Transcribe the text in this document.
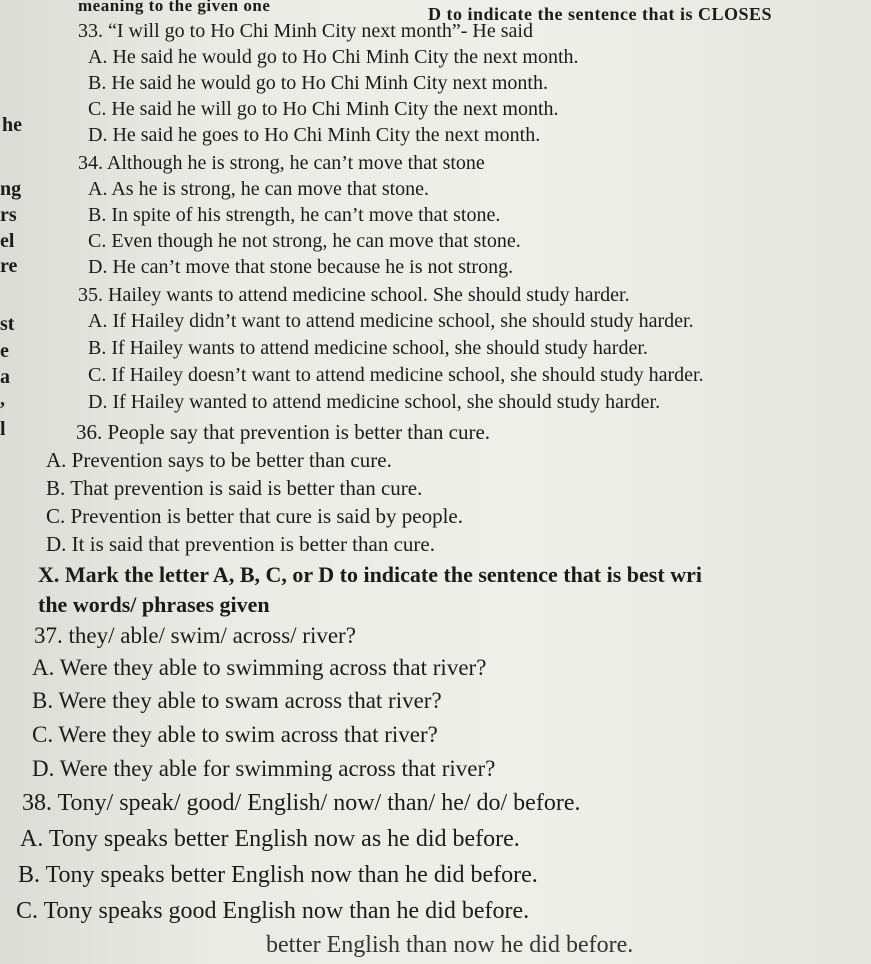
meaning to the given one	D to indicate the sentence that is CLOSES
he
ng
rs
el
re
st
e
a
,
l
33. “I will go to Ho Chi Minh City next month”- He said
A. He said he would go to Ho Chi Minh City the next month.
B. He said he would go to Ho Chi Minh City next month.
C. He said he will go to Ho Chi Minh City the next month.
D. He said he goes to Ho Chi Minh City the next month.
34. Although he is strong, he can’t move that stone
A. As he is strong, he can move that stone.
B. In spite of his strength, he can’t move that stone.
C. Even though he not strong, he can move that stone.
D. He can’t move that stone because he is not strong.
35. Hailey wants to attend medicine school. She should study harder.
A. If Hailey didn’t want to attend medicine school, she should study harder.
B. If Hailey wants to attend medicine school, she should study harder.
C. If Hailey doesn’t want to attend medicine school, she should study harder.
D. If Hailey wanted to attend medicine school, she should study harder.
36. People say that prevention is better than cure.
A. Prevention says to be better than cure.
B. That prevention is said is better than cure.
C. Prevention is better that cure is said by people.
D. It is said that prevention is better than cure.
X. Mark the letter A, B, C, or D to indicate the sentence that is best wri
the words/ phrases given
37. they/ able/ swim/ across/ river?
A. Were they able to swimming across that river?
B. Were they able to swam across that river?
C. Were they able to swim across that river?
D. Were they able for swimming across that river?
38. Tony/ speak/ good/ English/ now/ than/ he/ do/ before.
A. Tony speaks better English now as he did before.
B. Tony speaks better English now than he did before.
C. Tony speaks good English now than he did before.
better English than now he did before.
